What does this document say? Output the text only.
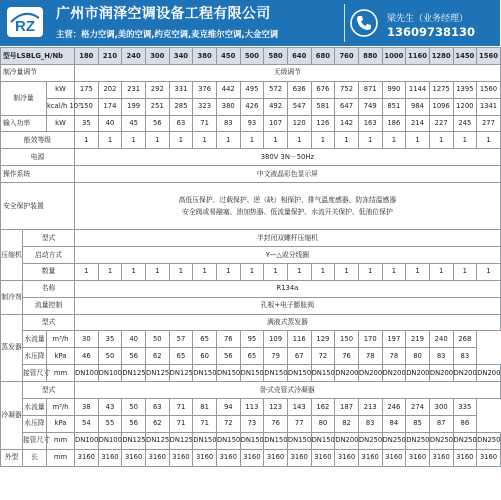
RZ
广州市润泽空调设备工程有限公司
主营：格力空调,美的空调,约克空调,麦克维尔空调,大金空调
梁先生（业务经理）
13609738130
型号LSBLG_H/Nb			180	210	240	300	340	380	450	500	580	640	680	760	880	1000	1160	1280	1450	1560
制冷量调节			无级调节																	
制冷量		kW	175	202	231	292	331	376	442	495	572	636	676	752	871	990	1144	1275	1395	1560
		kcal/h 10³	150	174	199	251	285	323	380	426	492	547	581	647	749	851	984	1096	1200	1341
输入功率		kW	35	40	45	56	63	71	83	93	107	120	126	142	163	186	214	227	245	277
能效等级			1	1	1	1	1	1	1	1	1	1	1	1	1	1	1	1	1	1
电源			380V 3N－50Hz																	
操作系统			中文液晶彩色显示屏																	
安全保护装置			高低压保护、过载保护、逆（缺）相保护、排气温度感器、防冻结温感器
安全阀或易融塞、油加热器、低流量保护、水流开关保护、低油位保护																	

压缩机	型式		半封闭双螺杆压缩机																	
	启动方式		Y—△或分线圈																	
	数量		1	1	1	1	1	1	1	1	1	1	1	1	1	1	1	1	1	1
制冷剂	名称		R134a																	
	流量控制		孔板+电子膨胀阀																	
蒸发器	型式		满液式蒸发器																	
	水流量	m³/h	30	35	40	50	57	65	76	95	109	116	129	150	170	197	219	240	268	
	水压降	kPa	46	50	56	62	65	60	56	65	79	67	72	76	78	78	80	83	83	
	接管尺寸	mm	DN100	DN100	DN125	DN125	DN125	DN150	DN150	DN150	DN150	DN150	DN150	DN200	DN200	DN200	DN200	DN200	DN200	DN200
冷凝器	型式		卧式壳管式冷凝器																	
	水流量	m³/h	38	43	50	63	71	81	94	113	123	143	162	187	213	246	274	300	335	
	水压降	kPa	54	55	56	62	71	71	72	73	76	77	80	82	83	84	85	87	86	
	接管尺寸	mm	DN100	DN100	DN125	DN125	DN125	DN150	DN150	DN150	DN150	DN150	DN150	DN200	DN250	DN250	DN250	DN250	DN250	DN250
外型	长	mm	3160	3160	3160	3160	3160	3160	3160	3160	3160	3160	3160	3160	3160	3160	3160	3160	3160	3160
